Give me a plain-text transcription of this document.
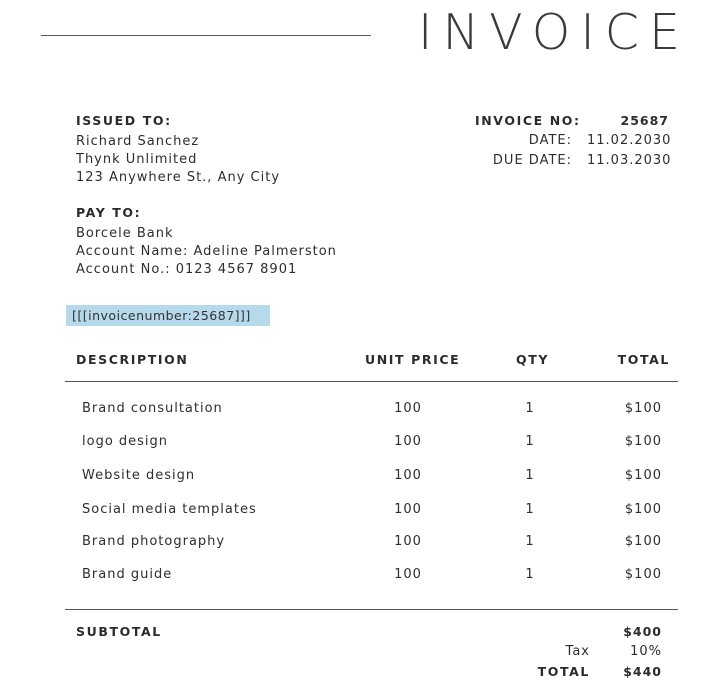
INVOICE
ISSUED TO:
Richard Sanchez
Thynk Unlimited
123 Anywhere St., Any City
INVOICE NO:	25687
DATE: 11.02.2030
DUE DATE: 11.03.2030
PAY TO:
Borcele Bank
Account Name: Adeline Palmerston
Account No.: 0123 4567 8901
[[[invoicenumber:25687]]]
DESCRIPTION	UNIT PRICE	QTY	TOTAL
Brand consultation	100	1	$100
logo design	100	1	$100
Website design	100	1	$100
Social media templates	100	1	$100
Brand photography	100	1	$100
Brand guide	100	1	$100
SUBTOTAL	$400
Tax	10%
TOTAL	$440
